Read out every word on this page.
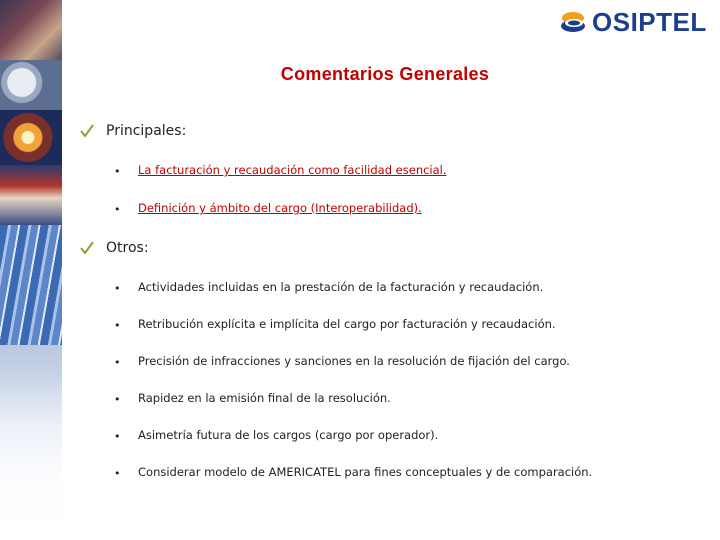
OSIPTEL
Comentarios Generales
Principales:
• La facturación y recaudación como facilidad esencial.
• Definición y ámbito del cargo (Interoperabilidad).
Otros:
• Actividades incluidas en la prestación de la facturación y recaudación.
• Retribución explícita e implícita del cargo por facturación y recaudación.
• Precisión de infracciones y sanciones en la resolución de fijación del cargo.
• Rapidez en la emisión final de la resolución.
• Asimetría futura de los cargos (cargo por operador).
• Considerar modelo de AMERICATEL para fines conceptuales y de comparación.
